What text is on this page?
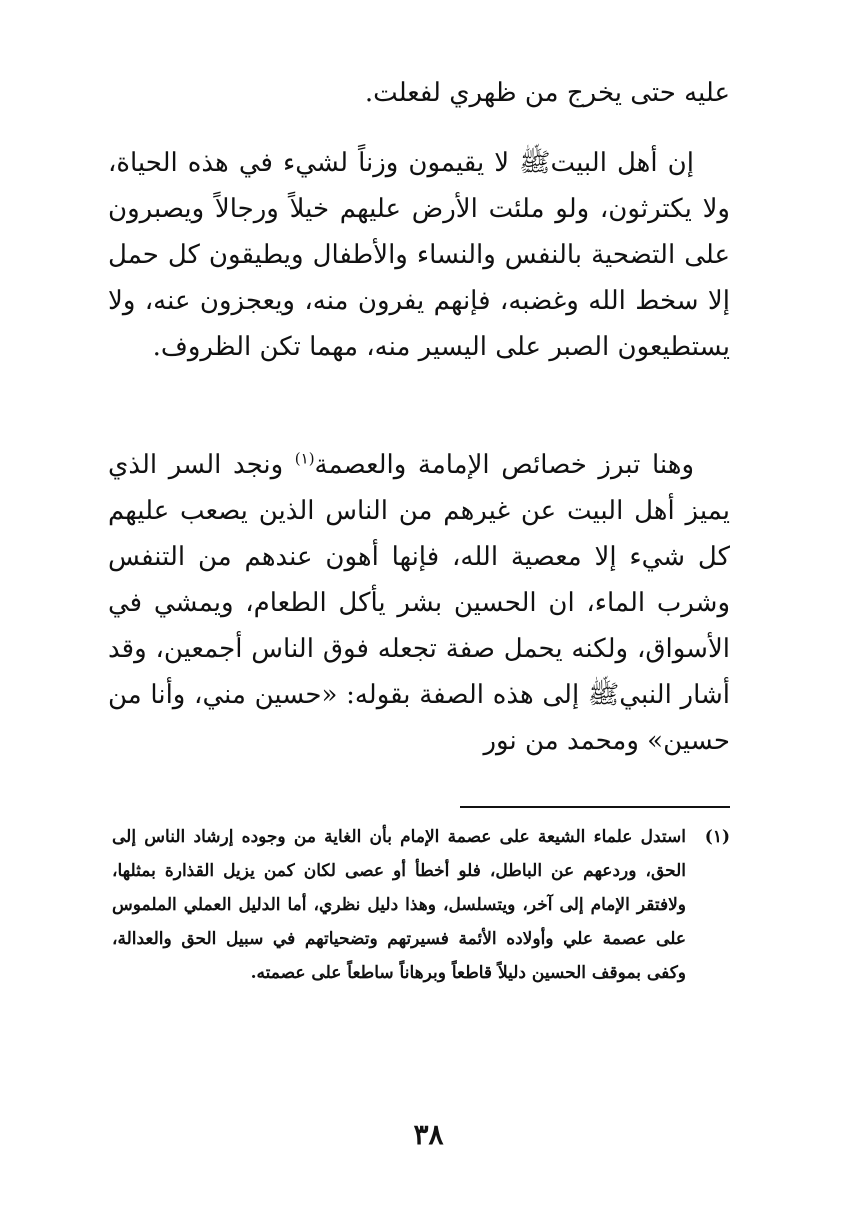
عليه حتى يخرج من ظهري لفعلت.

إن أهل البيتﷺ لا يقيمون وزناً لشيء في هذه الحياة، ولا يكترثون، ولو ملئت الأرض عليهم خيلاً ورجالاً ويصبرون على التضحية بالنفس والنساء والأطفال ويطيقون كل حمل إلا سخط الله وغضبه، فإنهم يفرون منه، ويعجزون عنه، ولا يستطيعون الصبر على اليسير منه، مهما تكن الظروف.

وهنا تبرز خصائص الإمامة والعصمة$^{(١)}$ ونجد السر الذي يميز أهل البيت عن غيرهم من الناس الذين يصعب عليهم كل شيء إلا معصية الله، فإنها أهون عندهم من التنفس وشرب الماء، ان الحسين بشر يأكل الطعام، ويمشي في الأسواق، ولكنه يحمل صفة تجعله فوق الناس أجمعين، وقد أشار النبيﷺ إلى هذه الصفة بقوله: «حسين مني، وأنا من حسين» ومحمد من نور

(١)

استدل علماء الشيعة على عصمة الإمام بأن الغاية من وجوده إرشاد الناس إلى الحق، وردعهم عن الباطل، فلو أخطأ أو عصى لكان كمن يزيل القذارة بمثلها، ولافتقر الإمام إلى آخر، ويتسلسل، وهذا دليل نظري، أما الدليل العملي الملموس على عصمة علي وأولاده الأئمة فسيرتهم وتضحياتهم في سبيل الحق والعدالة، وكفى بموقف الحسين دليلاً قاطعاً وبرهاناً ساطعاً على عصمته.

٣٨
